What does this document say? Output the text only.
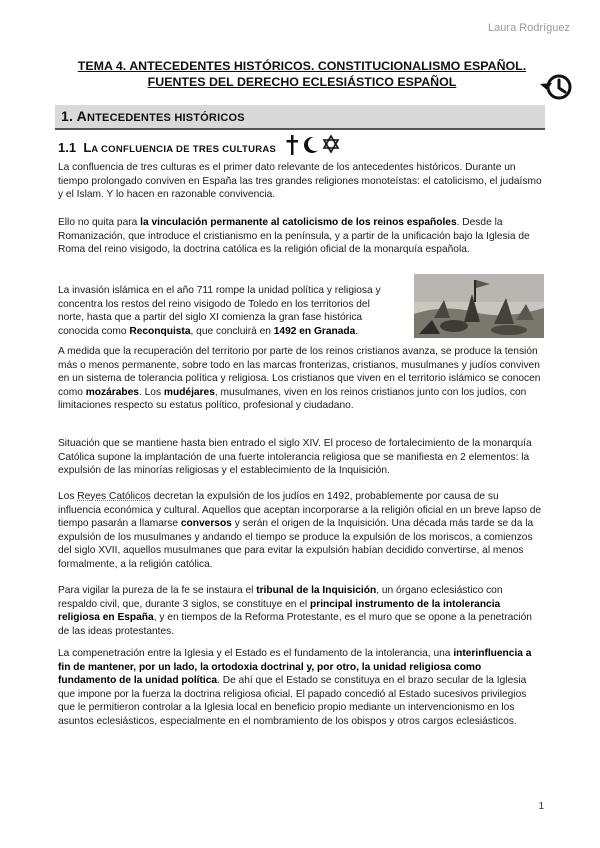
Laura Rodríguez
TEMA 4. ANTECEDENTES HISTÓRICOS. CONSTITUCIONALISMO ESPAÑOL.
FUENTES DEL DERECHO ECLESIÁSTICO ESPAÑOL
1. ANTECEDENTES HISTÓRICOS
1.1 LA CONFLUENCIA DE TRES CULTURAS
La confluencia de tres culturas es el primer dato relevante de los antecedentes históricos. Durante un tiempo prolongado conviven en España las tres grandes religiones monoteístas: el catolicismo, el judaísmo y el Islam. Y lo hacen en razonable convivencia.
Ello no quita para la vinculación permanente al catolicismo de los reinos españoles. Desde la Romanización, que introduce el cristianismo en la península, y a partir de la unificación bajo la Iglesia de Roma del reino visigodo, la doctrina católica es la religión oficial de la monarquía española.
La invasión islámica en el año 711 rompe la unidad política y religiosa y concentra los restos del reino visigodo de Toledo en los territorios del norte, hasta que a partir del siglo XI comienza la gran fase histórica conocida como Reconquista, que concluirá en 1492 en Granada.
A medida que la recuperación del territorio por parte de los reinos cristianos avanza, se produce la tensión más o menos permanente, sobre todo en las marcas fronterizas, cristianos, musulmanes y judíos conviven en un sistema de tolerancia política y religiosa. Los cristianos que viven en el territorio islámico se conocen como mozárabes. Los mudéjares, musulmanes, viven en los reinos cristianos junto con los judíos, con limitaciones respecto su estatus político, profesional y ciudadano.
Situación que se mantiene hasta bien entrado el siglo XIV. El proceso de fortalecimiento de la monarquía Católica supone la implantación de una fuerte intolerancia religiosa que se manifiesta en 2 elementos: la expulsión de las minorías religiosas y el establecimiento de la Inquisición.
Los Reyes Católicos decretan la expulsión de los judíos en 1492, probablemente por causa de su influencia económica y cultural. Aquellos que aceptan incorporarse a la religión oficial en un breve lapso de tiempo pasarán a llamarse conversos y serán el origen de la Inquisición. Una década más tarde se da la expulsión de los musulmanes y andando el tiempo se produce la expulsión de los moriscos, a comienzos del siglo XVII, aquellos musulmanes que para evitar la expulsión habían decidido convertirse, al menos formalmente, a la religión católica.
Para vigilar la pureza de la fe se instaura el tribunal de la Inquisición, un órgano eclesiástico con respaldo civil, que, durante 3 siglos, se constituye en el principal instrumento de la intolerancia religiosa en España, y en tiempos de la Reforma Protestante, es el muro que se opone a la penetración de las ideas protestantes.
La compenetración entre la Iglesia y el Estado es el fundamento de la intolerancia, una interinfluencia a fin de mantener, por un lado, la ortodoxia doctrinal y, por otro, la unidad religiosa como fundamento de la unidad política. De ahí que el Estado se constituya en el brazo secular de la Iglesia que impone por la fuerza la doctrina religiosa oficial. El papado concedió al Estado sucesivos privilegios que le permitieron controlar a la Iglesia local en beneficio propio mediante un intervencionismo en los asuntos eclesiásticos, especialmente en el nombramiento de los obispos y otros cargos eclesiásticos.
1
